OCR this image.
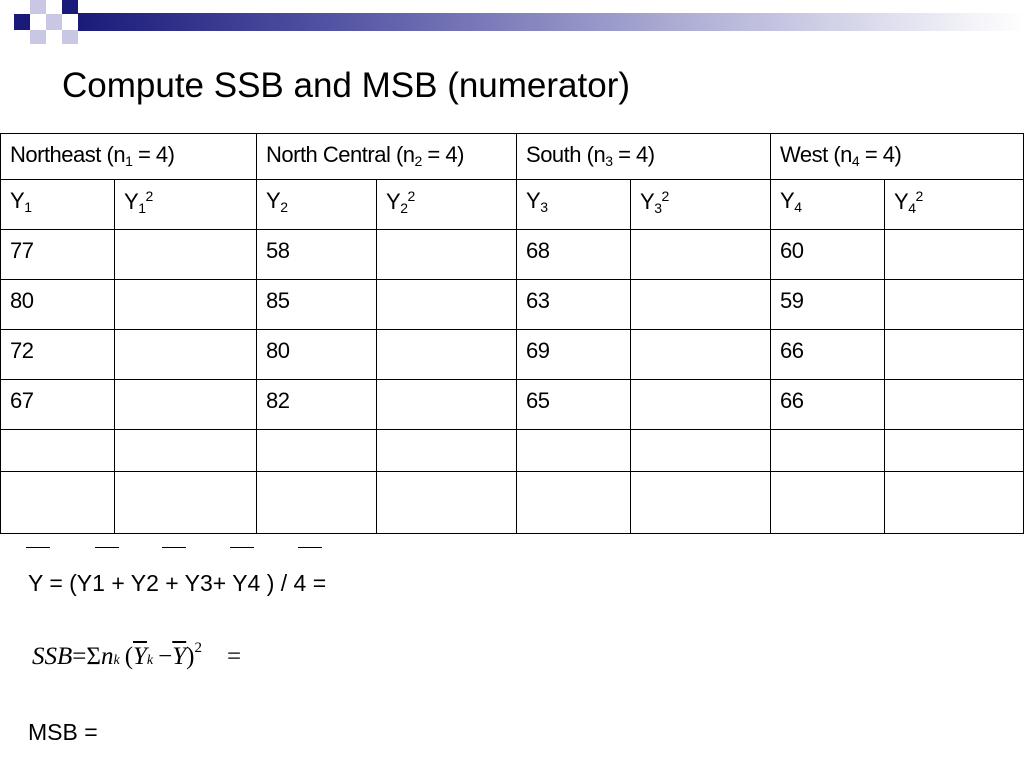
Compute SSB and MSB (numerator)
Northeast $(n_1 = 4)$		North Central $(n_2 = 4)$		South $(n_3 = 4)$		West $(n_4 = 4)$	
$Y_1$	$Y_1^2$	$Y_2$	$Y_2^2$	$Y_3$	$Y_3^2$	$Y_4$	$Y_4^2$
77		58		68		60	
80		85		63		59	
72		80		69		66	
67		82		65		66	

Y = (Y1 + Y2 + Y3+ Y4 ) / 4 =
SSB=Σnk  $(\overline{Y}k -\overline{Y})^2$  =
MSB =
